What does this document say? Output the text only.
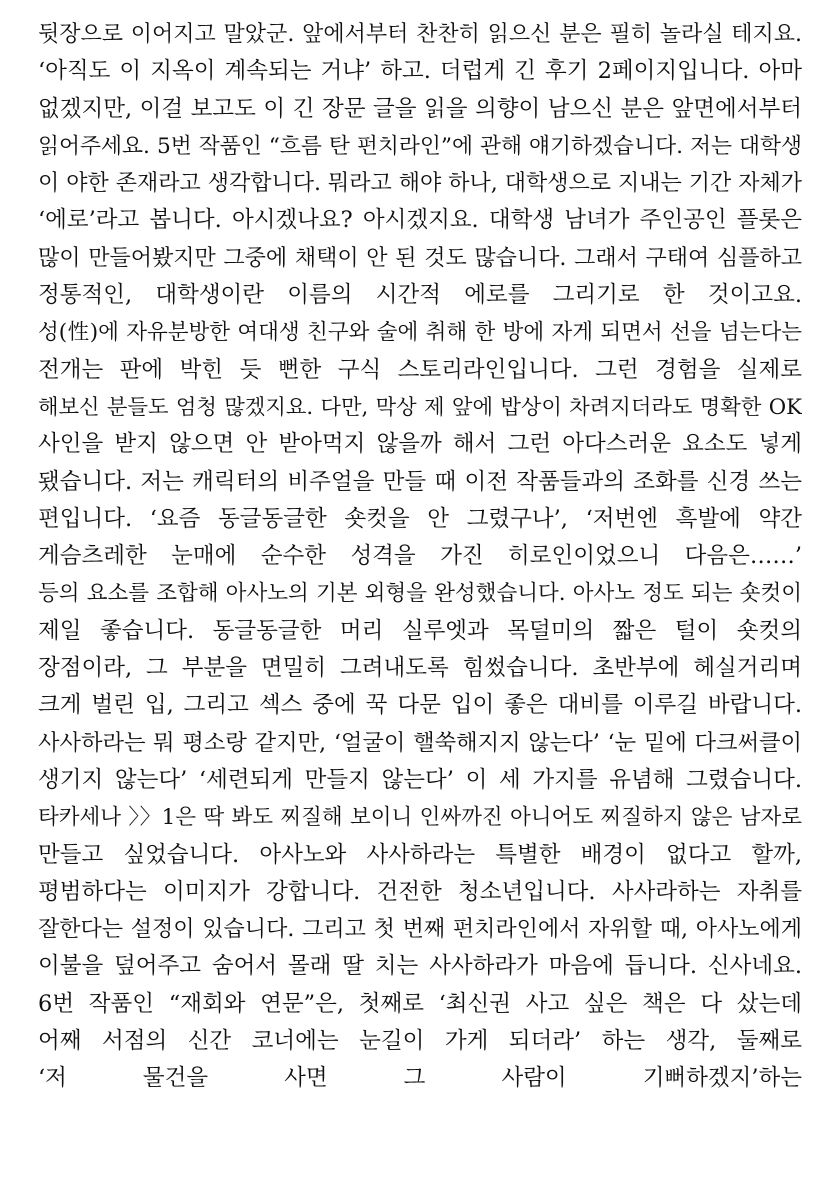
뒷장으로 이어지고 말았군. 앞에서부터 찬찬히 읽으신 분은 필히 놀라실 테지요.
‘아직도 이 지옥이 계속되는 거냐’ 하고. 더럽게 긴 후기 2페이지입니다. 아마
없겠지만, 이걸 보고도 이 긴 장문 글을 읽을 의향이 남으신 분은 앞면에서부터
읽어주세요. 5번 작품인 “흐름 탄 펀치라인”에 관해 얘기하겠습니다. 저는 대학생
이 야한 존재라고 생각합니다. 뭐라고 해야 하나, 대학생으로 지내는 기간 자체가
‘에로’라고 봅니다. 아시겠나요? 아시겠지요. 대학생 남녀가 주인공인 플롯은
많이 만들어봤지만 그중에 채택이 안 된 것도 많습니다. 그래서 구태여 심플하고
정통적인, 대학생이란 이름의 시간적 에로를 그리기로 한 것이고요.
성(性)에 자유분방한 여대생 친구와 술에 취해 한 방에 자게 되면서 선을 넘는다는
전개는 판에 박힌 듯 뻔한 구식 스토리라인입니다. 그런 경험을 실제로
해보신 분들도 엄청 많겠지요. 다만, 막상 제 앞에 밥상이 차려지더라도 명확한 OK
사인을 받지 않으면 안 받아먹지 않을까 해서 그런 아다스러운 요소도 넣게
됐습니다. 저는 캐릭터의 비주얼을 만들 때 이전 작품들과의 조화를 신경 쓰는
편입니다. ‘요즘 동글동글한 숏컷을 안 그렸구나’, ‘저번엔 흑발에 약간
게슴츠레한 눈매에 순수한 성격을 가진 히로인이었으니 다음은……’
등의 요소를 조합해 아사노의 기본 외형을 완성했습니다. 아사노 정도 되는 숏컷이
제일 좋습니다. 동글동글한 머리 실루엣과 목덜미의 짧은 털이 숏컷의
장점이라, 그 부분을 면밀히 그려내도록 힘썼습니다. 초반부에 헤실거리며
크게 벌린 입, 그리고 섹스 중에 꾹 다문 입이 좋은 대비를 이루길 바랍니다.
사사하라는 뭐 평소랑 같지만, ‘얼굴이 핼쑥해지지 않는다’ ‘눈 밑에 다크써클이
생기지 않는다’ ‘세련되게 만들지 않는다’ 이 세 가지를 유념해 그렸습니다.
타카세나 〉〉1은 딱 봐도 찌질해 보이니 인싸까진 아니어도 찌질하지 않은 남자로
만들고 싶었습니다. 아사노와 사사하라는 특별한 배경이 없다고 할까,
평범하다는 이미지가 강합니다. 건전한 청소년입니다. 사사라하는 자취를
잘한다는 설정이 있습니다. 그리고 첫 번째 펀치라인에서 자위할 때, 아사노에게
이불을 덮어주고 숨어서 몰래 딸 치는 사사하라가 마음에 듭니다. 신사네요.
6번 작품인 “재회와 연문”은, 첫째로 ‘최신권 사고 싶은 책은 다 샀는데
어째 서점의 신간 코너에는 눈길이 가게 되더라’ 하는 생각, 둘째로
‘저 물건을 사면 그 사람이 기뻐하겠지’하는
